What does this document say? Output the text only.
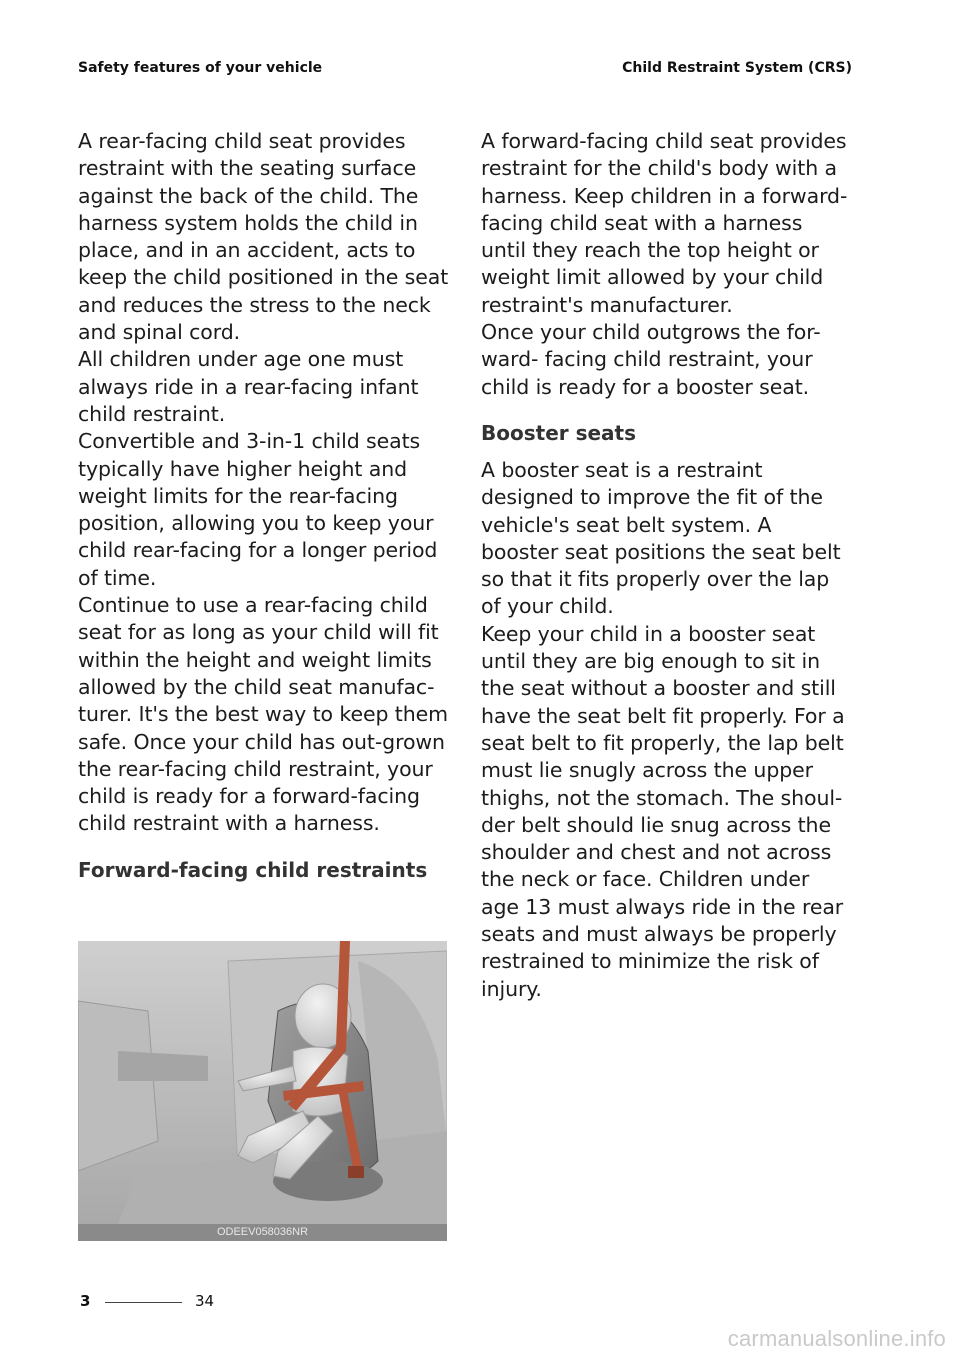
Safety features of your vehicle	Child Restraint System (CRS)

A rear-facing child seat provides restraint with the seating surface against the back of the child. The harness system holds the child in place, and in an accident, acts to keep the child positioned in the seat and reduces the stress to the neck and spinal cord.

All children under age one must always ride in a rear-facing infant child restraint.

Convertible and 3-in-1 child seats typically have higher height and weight limits for the rear-facing position, allowing you to keep your child rear-facing for a longer period of time.

Continue to use a rear-facing child seat for as long as your child will fit within the height and weight limits allowed by the child seat manufac-turer. It's the best way to keep them safe. Once your child has out-grown the rear-facing child restraint, your child is ready for a forward-facing child restraint with a harness.

Forward-facing child restraints
ODEEV058036NR

A forward-facing child seat provides restraint for the child's body with a harness. Keep children in a forward-facing child seat with a harness until they reach the top height or weight limit allowed by your child restraint's manufacturer.

Once your child outgrows the for-ward- facing child restraint, your child is ready for a booster seat.

Booster seats

A booster seat is a restraint designed to improve the fit of the vehicle's seat belt system. A booster seat positions the seat belt so that it fits properly over the lap of your child.

Keep your child in a booster seat until they are big enough to sit in the seat without a booster and still have the seat belt fit properly. For a seat belt to fit properly, the lap belt must lie snugly across the upper thighs, not the stomach. The shoul-der belt should lie snug across the shoulder and chest and not across the neck or face. Children under age 13 must always ride in the rear seats and must always be properly restrained to minimize the risk of injury.

3	34
carmanualsonline.info
